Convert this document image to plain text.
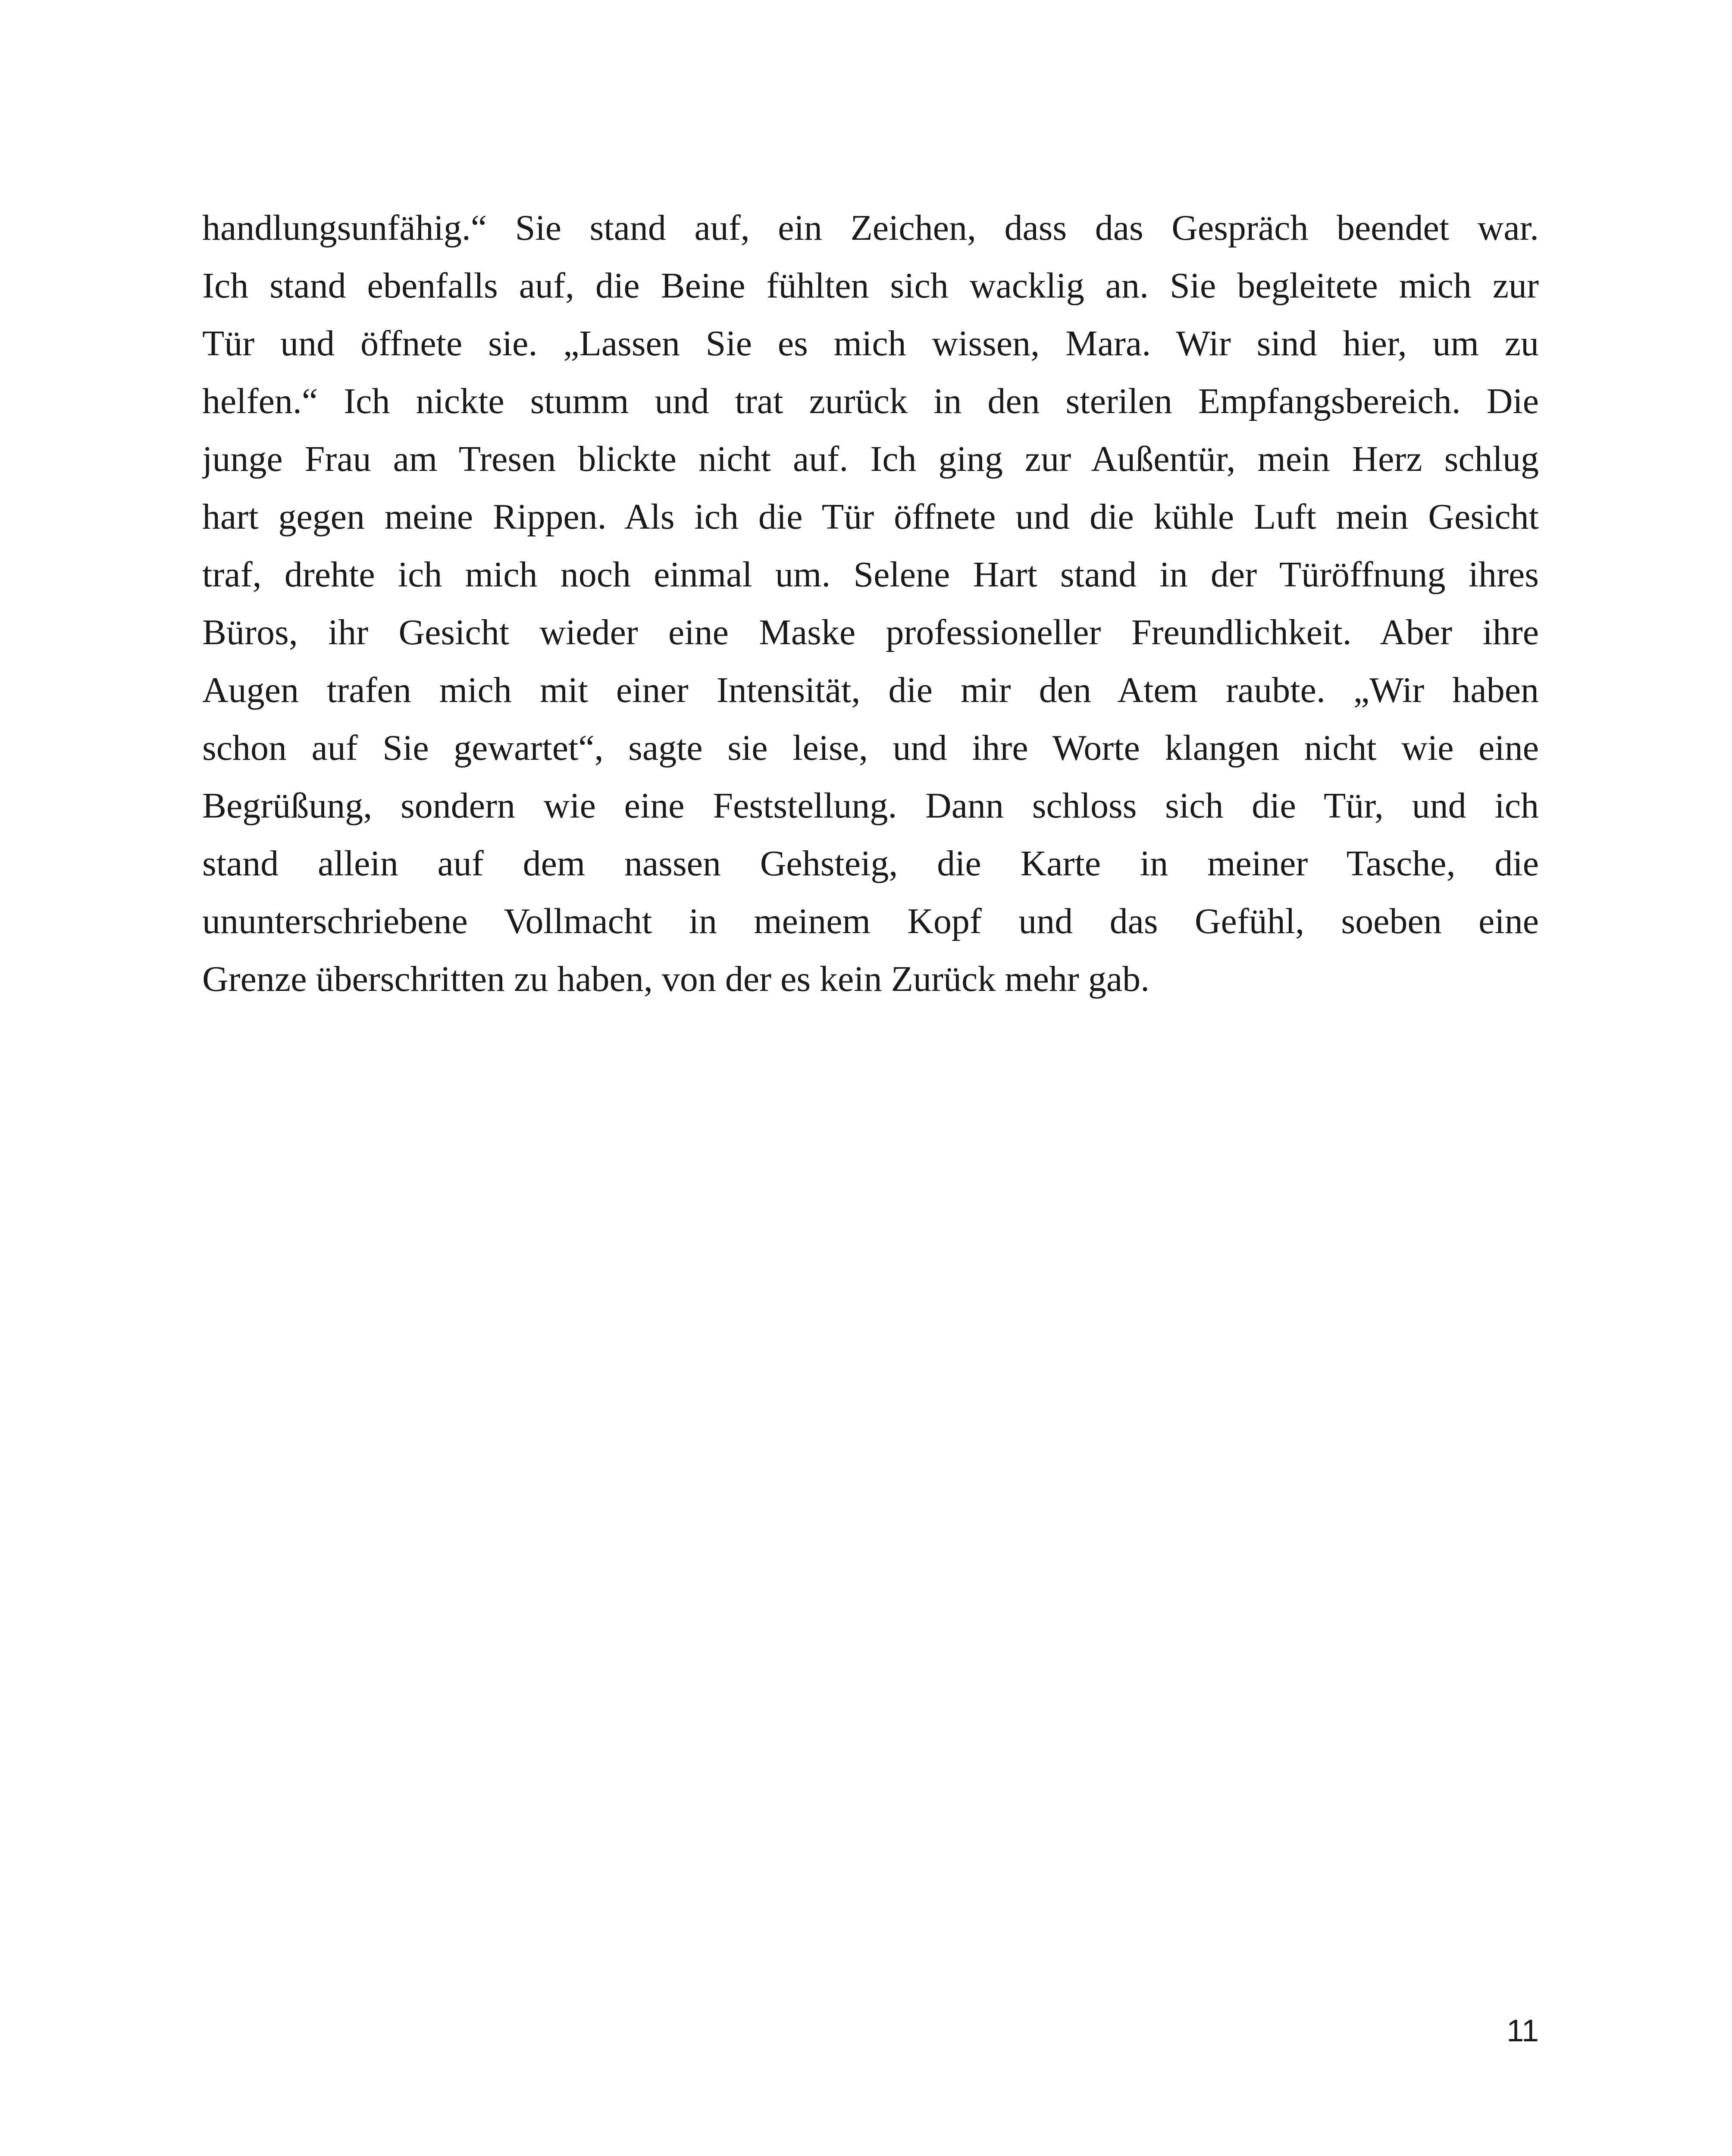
handlungsunfähig.“ Sie stand auf, ein Zeichen, dass das Gespräch beendet war.
Ich stand ebenfalls auf, die Beine fühlten sich wacklig an. Sie begleitete mich zur
Tür und öffnete sie. „Lassen Sie es mich wissen, Mara. Wir sind hier, um zu
helfen.“ Ich nickte stumm und trat zurück in den sterilen Empfangsbereich. Die
junge Frau am Tresen blickte nicht auf. Ich ging zur Außentür, mein Herz schlug
hart gegen meine Rippen. Als ich die Tür öffnete und die kühle Luft mein Gesicht
traf, drehte ich mich noch einmal um. Selene Hart stand in der Türöffnung ihres
Büros, ihr Gesicht wieder eine Maske professioneller Freundlichkeit. Aber ihre
Augen trafen mich mit einer Intensität, die mir den Atem raubte. „Wir haben
schon auf Sie gewartet“, sagte sie leise, und ihre Worte klangen nicht wie eine
Begrüßung, sondern wie eine Feststellung. Dann schloss sich die Tür, und ich
stand allein auf dem nassen Gehsteig, die Karte in meiner Tasche, die
ununterschriebene Vollmacht in meinem Kopf und das Gefühl, soeben eine
Grenze überschritten zu haben, von der es kein Zurück mehr gab.
11
